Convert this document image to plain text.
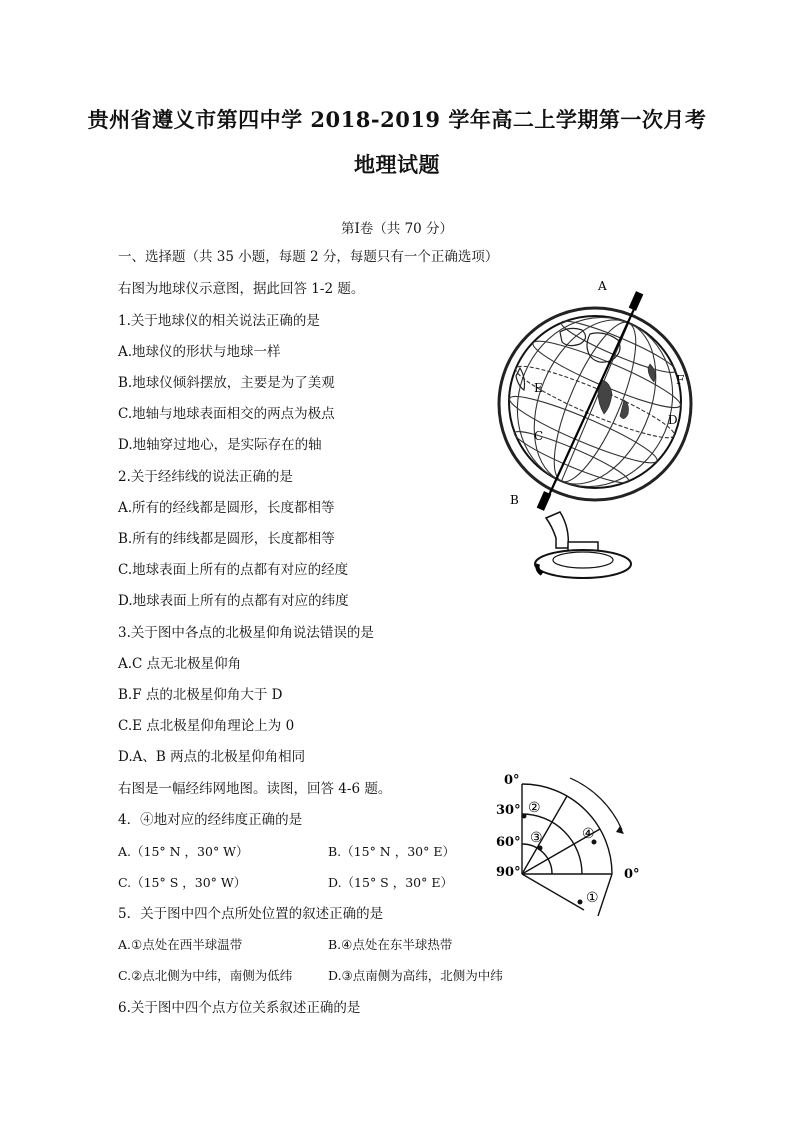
贵州省遵义市第四中学 2018-2019 学年高二上学期第一次月考
地理试题
第Ⅰ卷（共 70 分）
一、选择题（共 35 小题，每题 2 分，每题只有一个正确选项）
右图为地球仪示意图，据此回答 1-2 题。
1.关于地球仪的相关说法正确的是
A.地球仪的形状与地球一样
B.地球仪倾斜摆放，主要是为了美观
C.地轴与地球表面相交的两点为极点
D.地轴穿过地心，是实际存在的轴
2.关于经纬线的说法正确的是
A.所有的经线都是圆形，长度都相等
B.所有的纬线都是圆形，长度都相等
C.地球表面上所有的点都有对应的经度
D.地球表面上所有的点都有对应的纬度
3.关于图中各点的北极星仰角说法错误的是
A.C 点无北极星仰角
B.F 点的北极星仰角大于 D
C.E 点北极星仰角理论上为 0
D.A、B 两点的北极星仰角相同
右图是一幅经纬网地图。读图，回答 4-6 题。
4．④地对应的经纬度正确的是
A.（15° N ，30° W）	B.（15° N ，30° E）
C.（15° S ，30° W）	D.（15° S ，30° E）
5．关于图中四个点所处位置的叙述正确的是
A.①点处在西半球温带	B.④点处在东半球热带
C.②点北侧为中纬，南侧为低纬	D.③点南侧为高纬，北侧为中纬
6.关于图中四个点方位关系叙述正确的是
A
B
C
D
E
F
0°
30°
60°
90°	0°
①
②
③	④
